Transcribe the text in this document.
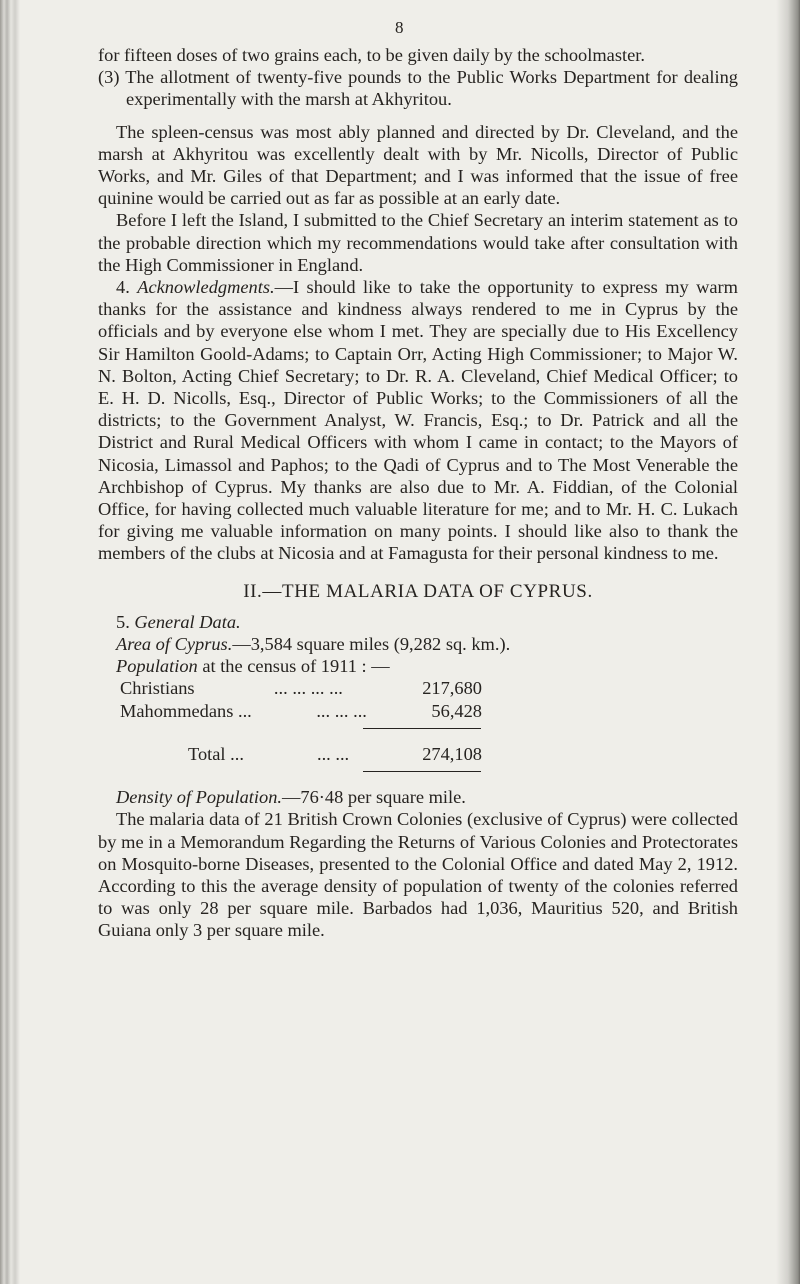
8

for fifteen doses of two grains each, to be given daily by the schoolmaster.

(3) The allotment of twenty-five pounds to the Public Works Department for dealing experimentally with the marsh at Akhyritou.

The spleen-census was most ably planned and directed by Dr. Cleveland, and the marsh at Akhyritou was excellently dealt with by Mr. Nicolls, Director of Public Works, and Mr. Giles of that Department; and I was informed that the issue of free quinine would be carried out as far as possible at an early date.

Before I left the Island, I submitted to the Chief Secretary an interim statement as to the probable direction which my recommendations would take after consultation with the High Commissioner in England.

4. Acknowledgments.—I should like to take the opportunity to express my warm thanks for the assistance and kindness always rendered to me in Cyprus by the officials and by everyone else whom I met. They are specially due to His Excellency Sir Hamilton Goold-Adams; to Captain Orr, Acting High Commissioner; to Major W. N. Bolton, Acting Chief Secretary; to Dr. R. A. Cleveland, Chief Medical Officer; to E. H. D. Nicolls, Esq., Director of Public Works; to the Commissioners of all the districts; to the Government Analyst, W. Francis, Esq.; to Dr. Patrick and all the District and Rural Medical Officers with whom I came in contact; to the Mayors of Nicosia, Limassol and Paphos; to the Qadi of Cyprus and to The Most Venerable the Archbishop of Cyprus. My thanks are also due to Mr. A. Fiddian, of the Colonial Office, for having collected much valuable literature for me; and to Mr. H. C. Lukach for giving me valuable information on many points. I should like also to thank the members of the clubs at Nicosia and at Famagusta for their personal kindness to me.

II.—THE MALARIA DATA OF CYPRUS.

5. General Data.

Area of Cyprus.—3,584 square miles (9,282 sq. km.).

Population at the census of 1911 : —

Christians	... ... ... ...	217,680
Mahommedans ...	... ... ...	56,428
Total ...	... ...	274,108

Density of Population.—76·48 per square mile.

The malaria data of 21 British Crown Colonies (exclusive of Cyprus) were collected by me in a Memorandum Regarding the Returns of Various Colonies and Protectorates on Mosquito-borne Diseases, presented to the Colonial Office and dated May 2, 1912. According to this the average density of population of twenty of the colonies referred to was only 28 per square mile. Barbados had 1,036, Mauritius 520, and British Guiana only 3 per square mile.
